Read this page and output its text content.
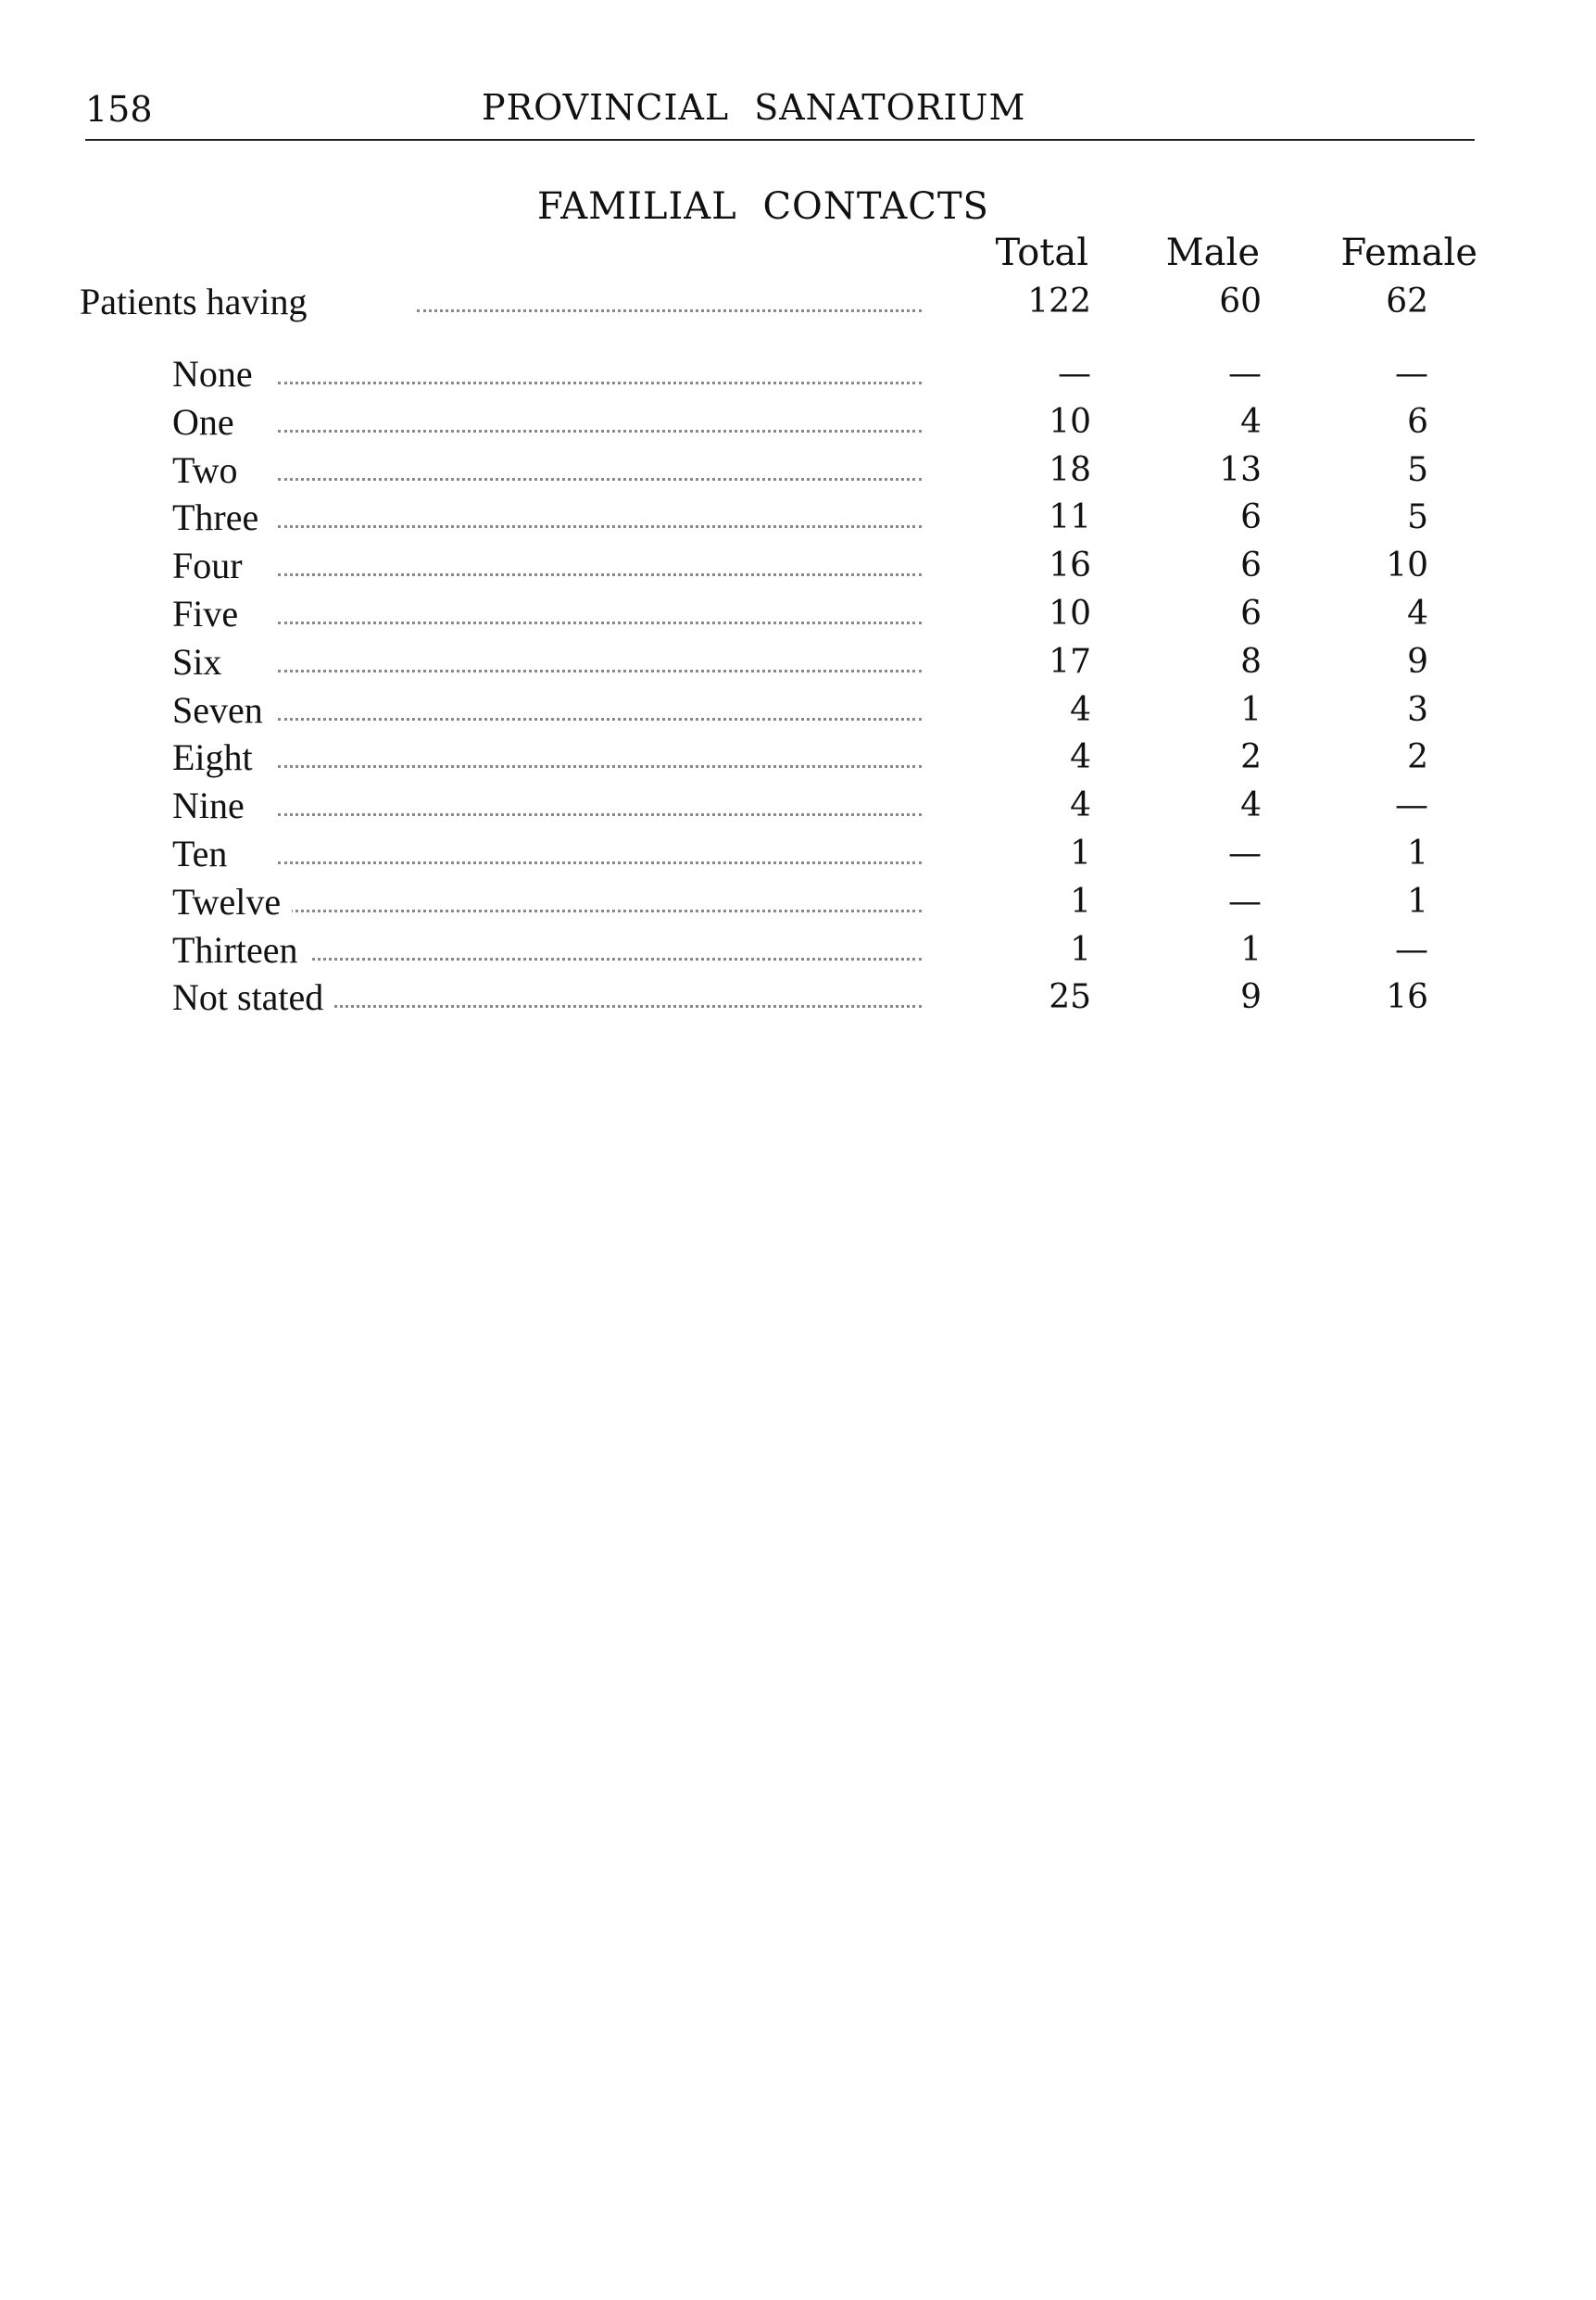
158	PROVINCIAL SANATORIUM
FAMILIAL CONTACTS
Total	Male	Female
Patients having	122	60	62
None	—	—	—
One	10	4	6
Two	18	13	5
Three	11	6	5
Four	16	6	10
Five	10	6	4
Six	17	8	9
Seven	4	1	3
Eight	4	2	2
Nine	4	4	—
Ten	1	—	1
Twelve	1	—	1
Thirteen	1	1	—
Not stated	25	9	16
